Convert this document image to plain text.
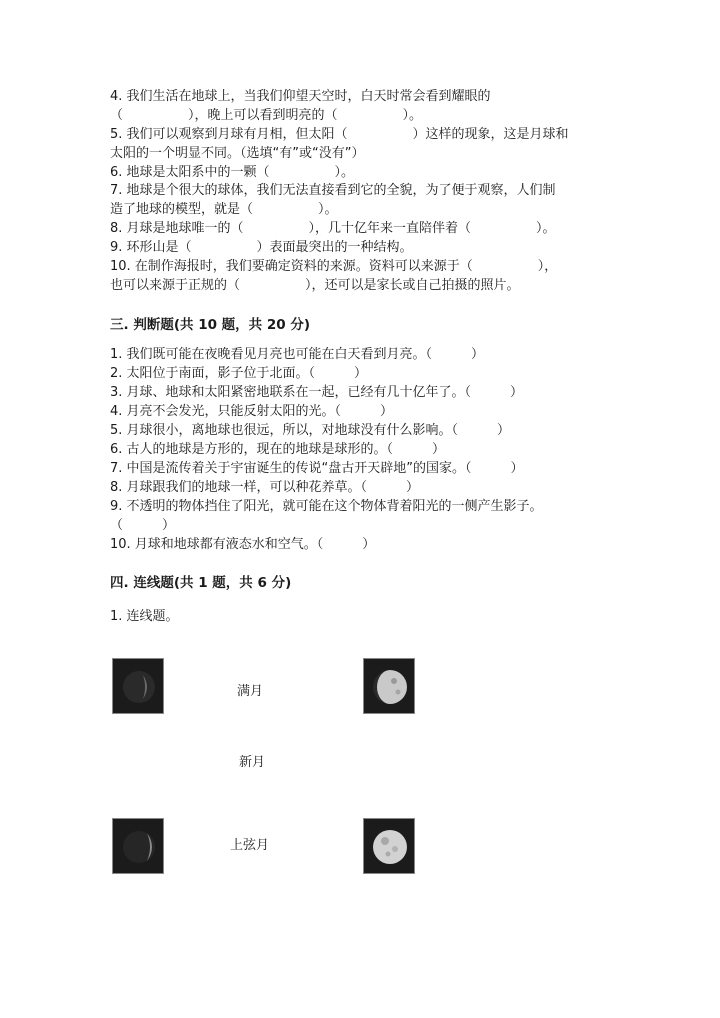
4. 我们生活在地球上，当我们仰望天空时，白天时常会看到耀眼的
（　　　　　），晚上可以看到明亮的（　　　　　）。
5. 我们可以观察到月球有月相，但太阳（　　　　　）这样的现象，这是月球和
太阳的一个明显不同。（选填“有”或“没有”）
6. 地球是太阳系中的一颗（　　　　　）。
7. 地球是个很大的球体，我们无法直接看到它的全貌，为了便于观察，人们制
造了地球的模型，就是（　　　　　）。
8. 月球是地球唯一的（　　　　　），几十亿年来一直陪伴着（　　　　　）。
9. 环形山是（　　　　　）表面最突出的一种结构。
10. 在制作海报时，我们要确定资料的来源。资料可以来源于（　　　　　），
也可以来源于正规的（　　　　　），还可以是家长或自己拍摄的照片。
三. 判断题(共 10 题，共 20 分)
1. 我们既可能在夜晚看见月亮也可能在白天看到月亮。（　　　）
2. 太阳位于南面，影子位于北面。（　　　）
3. 月球、地球和太阳紧密地联系在一起，已经有几十亿年了。（　　　）
4. 月亮不会发光，只能反射太阳的光。（　　　）
5. 月球很小，离地球也很远，所以，对地球没有什么影响。（　　　）
6. 古人的地球是方形的，现在的地球是球形的。（　　　）
7. 中国是流传着关于宇宙诞生的传说“盘古开天辟地”的国家。（　　　）
8. 月球跟我们的地球一样，可以种花养草。（　　　）
9. 不透明的物体挡住了阳光，就可能在这个物体背着阳光的一侧产生影子。
（　　　）
10. 月球和地球都有液态水和空气。（　　　）
四. 连线题(共 1 题，共 6 分)
1. 连线题。
满月
新月
上弦月
